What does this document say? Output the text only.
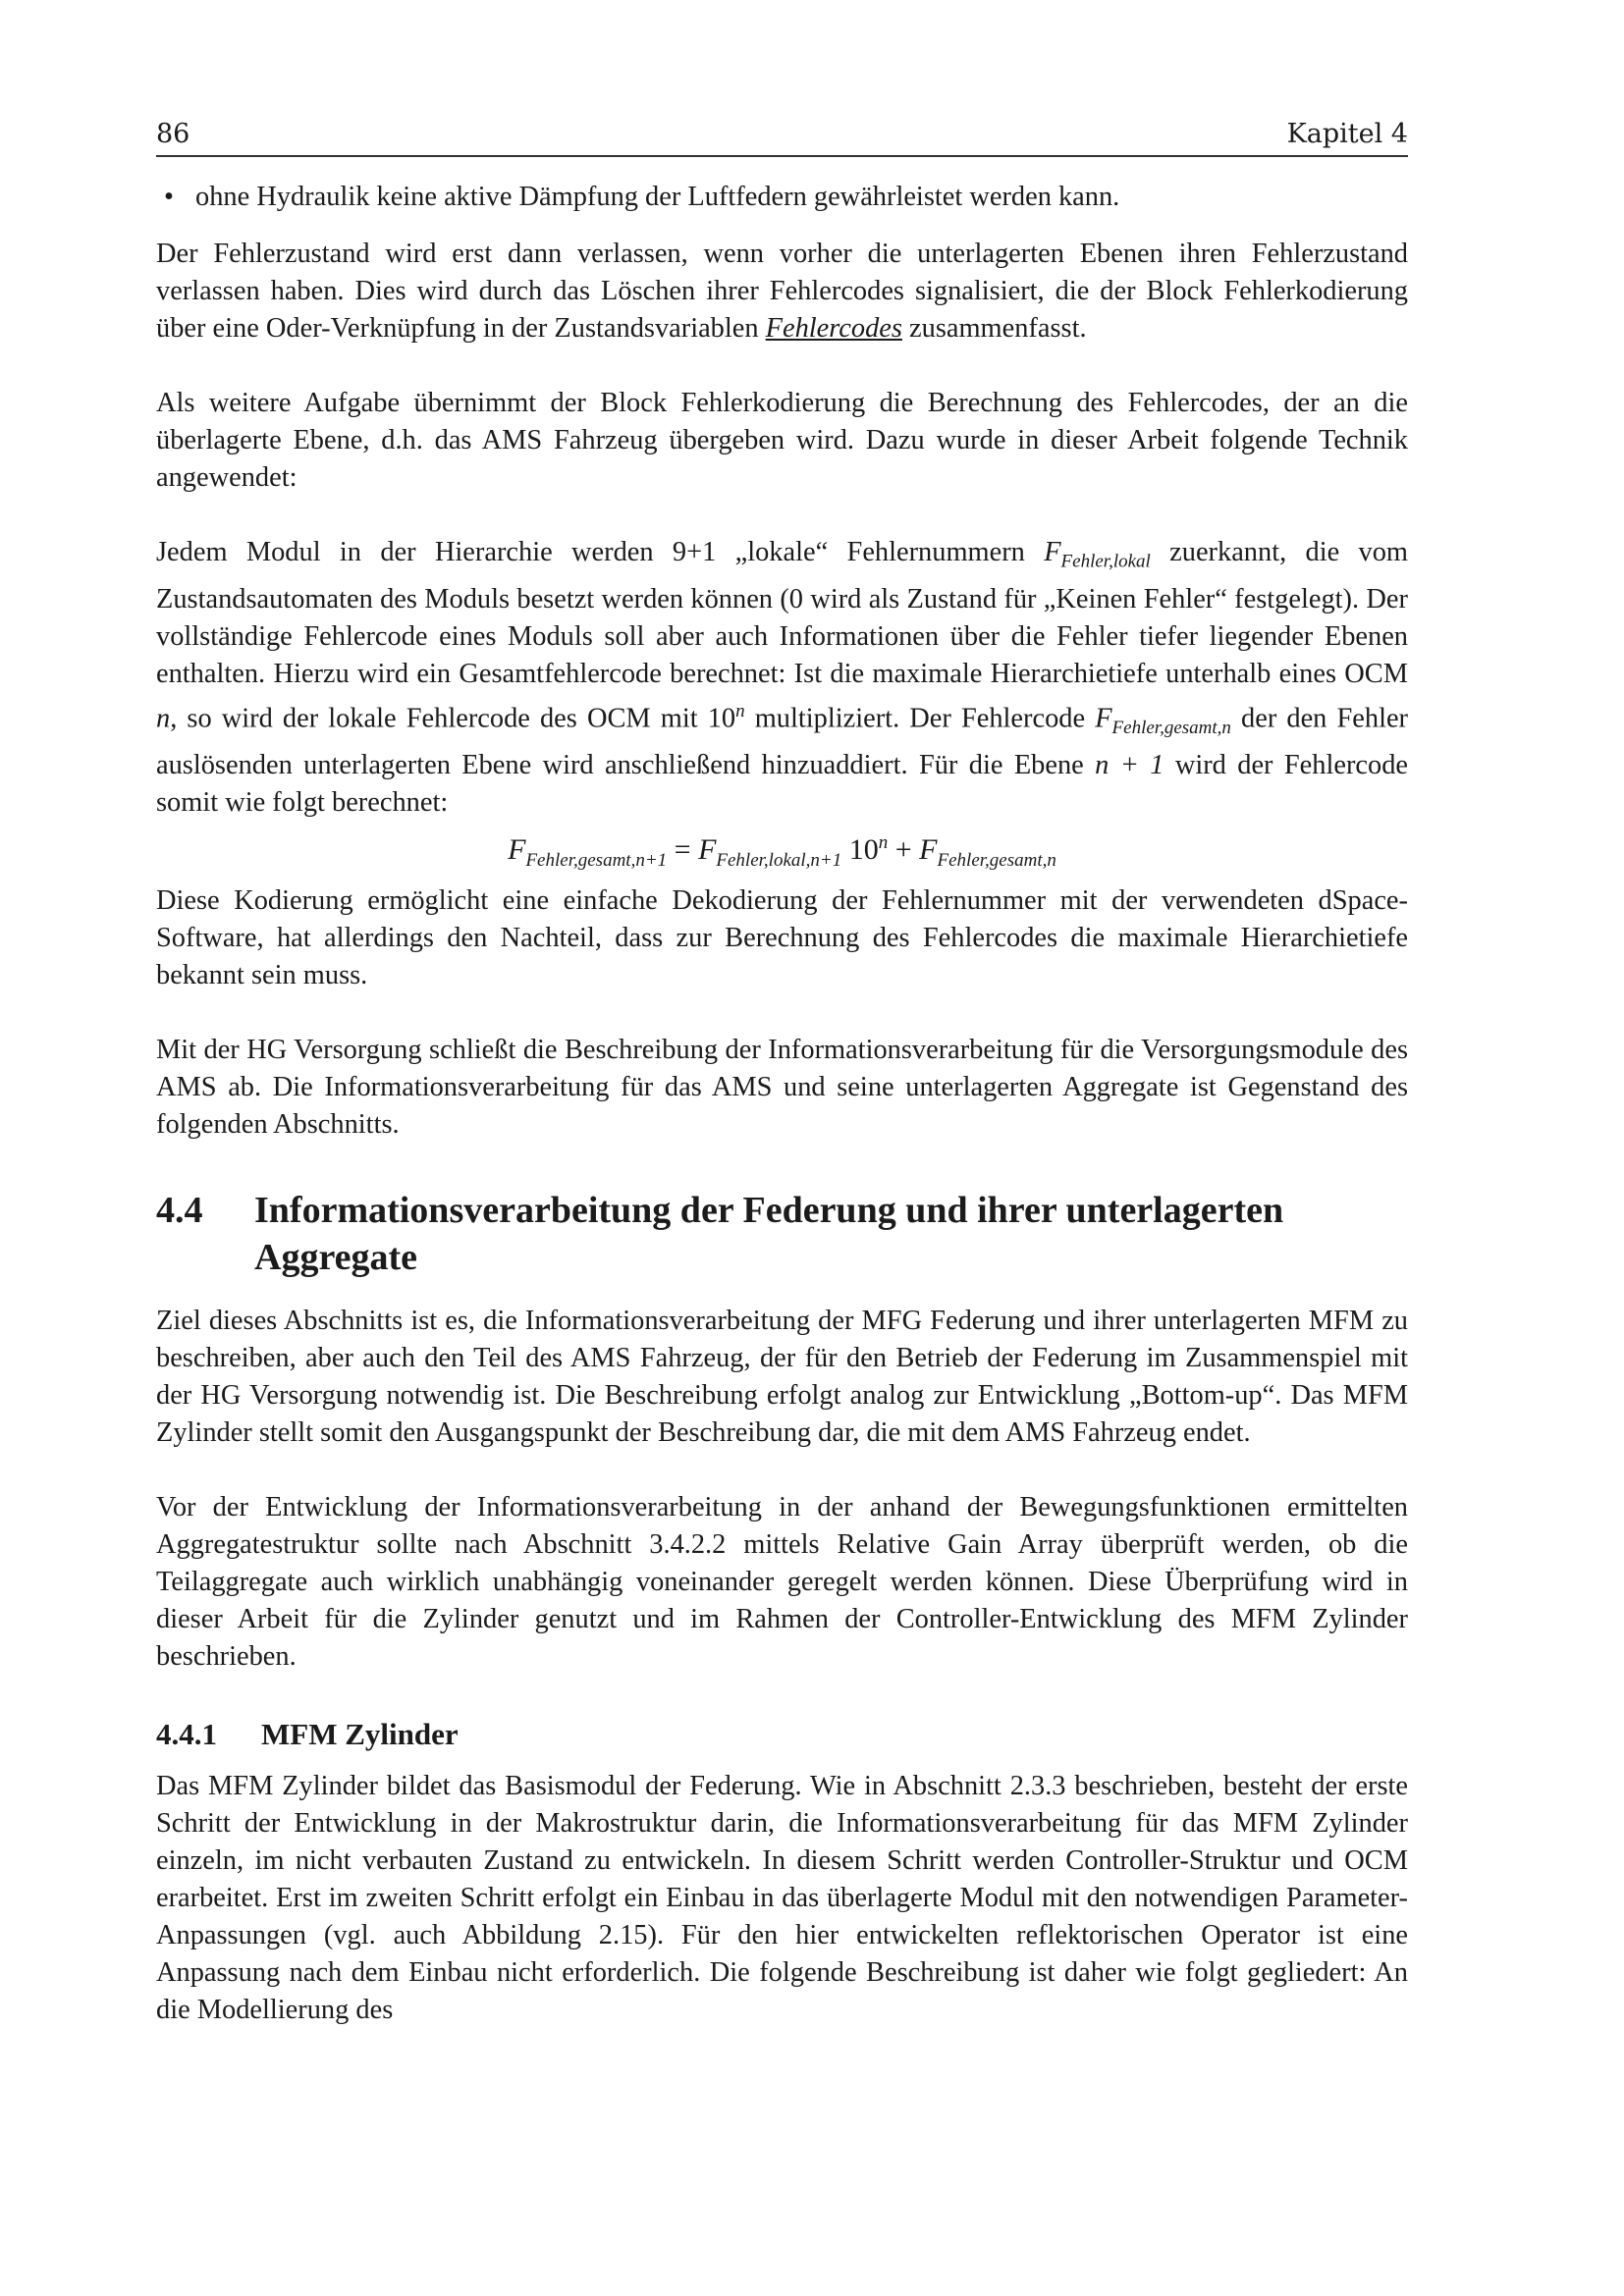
86	Kapitel 4
• ohne Hydraulik keine aktive Dämpfung der Luftfedern gewährleistet werden kann.

Der Fehlerzustand wird erst dann verlassen, wenn vorher die unterlagerten Ebenen ihren Fehlerzustand verlassen haben. Dies wird durch das Löschen ihrer Fehlercodes signalisiert, die der Block Fehlerkodierung über eine Oder-Verknüpfung in der Zustandsvariablen Fehlercodes zusammenfasst.

Als weitere Aufgabe übernimmt der Block Fehlerkodierung die Berechnung des Fehlercodes, der an die überlagerte Ebene, d.h. das AMS Fahrzeug übergeben wird. Dazu wurde in dieser Arbeit folgende Technik angewendet:

Jedem Modul in der Hierarchie werden 9+1 „lokale“ Fehlernummern $F_{Fehler,lokal}$ zuerkannt, die vom Zustandsautomaten des Moduls besetzt werden können (0 wird als Zustand für „Keinen Fehler“ festgelegt). Der vollständige Fehlercode eines Moduls soll aber auch Informationen über die Fehler tiefer liegender Ebenen enthalten. Hierzu wird ein Gesamtfehlercode berechnet: Ist die maximale Hierarchietiefe unterhalb eines OCM n, so wird der lokale Fehlercode des OCM mit 10$^n$ multipliziert. Der Fehlercode $F_{Fehler,gesamt,n}$ der den Fehler auslösenden unterlagerten Ebene wird anschließend hinzuaddiert. Für die Ebene n + 1 wird der Fehlercode somit wie folgt berechnet:

$F_{Fehler,gesamt,n+1} = F_{Fehler,lokal,n+1}$ $10^n + F_{Fehler,gesamt,n}$

Diese Kodierung ermöglicht eine einfache Dekodierung der Fehlernummer mit der verwendeten dSpace-Software, hat allerdings den Nachteil, dass zur Berechnung des Fehlercodes die maximale Hierarchietiefe bekannt sein muss.

Mit der HG Versorgung schließt die Beschreibung der Informationsverarbeitung für die Versorgungsmodule des AMS ab. Die Informationsverarbeitung für das AMS und seine unterlagerten Aggregate ist Gegenstand des folgenden Abschnitts.

4.4	Informationsverarbeitung der Federung und ihrer unterlagerten Aggregate

Ziel dieses Abschnitts ist es, die Informationsverarbeitung der MFG Federung und ihrer unterlagerten MFM zu beschreiben, aber auch den Teil des AMS Fahrzeug, der für den Betrieb der Federung im Zusammenspiel mit der HG Versorgung notwendig ist. Die Beschreibung erfolgt analog zur Entwicklung „Bottom-up“. Das MFM Zylinder stellt somit den Ausgangspunkt der Beschreibung dar, die mit dem AMS Fahrzeug endet.

Vor der Entwicklung der Informationsverarbeitung in der anhand der Bewegungsfunktionen ermittelten Aggregatestruktur sollte nach Abschnitt 3.4.2.2 mittels Relative Gain Array überprüft werden, ob die Teilaggregate auch wirklich unabhängig voneinander geregelt werden können. Diese Überprüfung wird in dieser Arbeit für die Zylinder genutzt und im Rahmen der Controller-Entwicklung des MFM Zylinder beschrieben.

4.4.1	MFM Zylinder

Das MFM Zylinder bildet das Basismodul der Federung. Wie in Abschnitt 2.3.3 beschrieben, besteht der erste Schritt der Entwicklung in der Makrostruktur darin, die Informationsverarbeitung für das MFM Zylinder einzeln, im nicht verbauten Zustand zu entwickeln. In diesem Schritt werden Controller-Struktur und OCM erarbeitet. Erst im zweiten Schritt erfolgt ein Einbau in das überlagerte Modul mit den notwendigen Parameter-Anpassungen (vgl. auch Abbildung 2.15). Für den hier entwickelten reflektorischen Operator ist eine Anpassung nach dem Einbau nicht erforderlich. Die folgende Beschreibung ist daher wie folgt gegliedert: An die Modellierung des
